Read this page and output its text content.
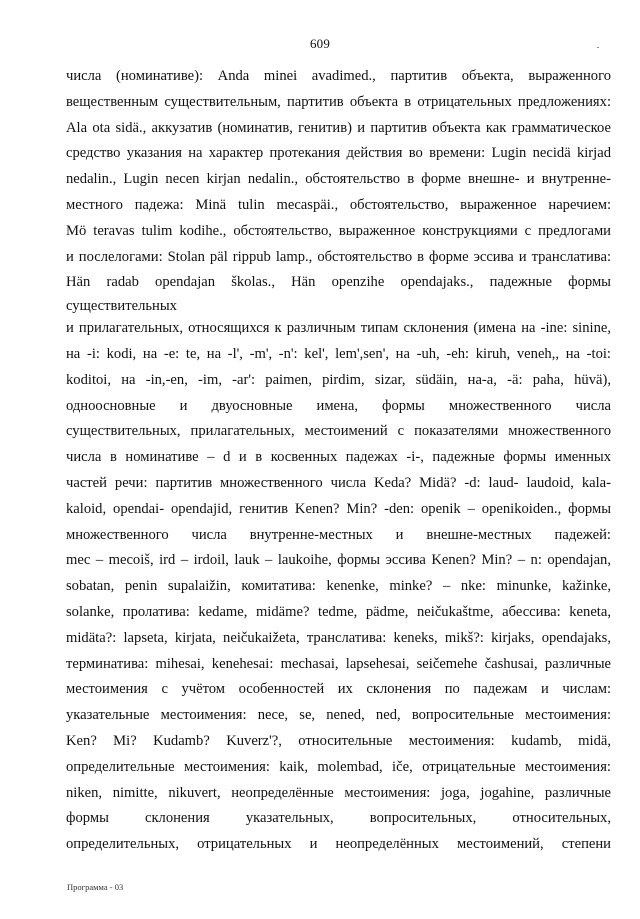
609
числа (номинативе): Anda minei avadimed., партитив объекта, выраженного
вещественным существительным, партитив объекта в отрицательных предложениях:
Ala ota sidä., аккузатив (номинатив, генитив) и партитив объекта как грамматическое
средство указания на характер протекания действия во времени: Lugin necidä kirjad
nedalin., Lugin necen kirjan nedalin., обстоятельство в форме внешне- и внутренне-
местного падежа: Minä tulin mecaspäi., обстоятельство, выраженное наречием:
Mö teravas tulim kodihe., обстоятельство, выраженное конструкциями с предлогами
и послелогами: Stolan päl rippub lamp., обстоятельство в форме эссива и транслатива:
Hän radab opendajan školas., Hän openzihe opendajaks., падежные формы
существительных
и прилагательных, относящихся к различным типам склонения (имена на -ine: sinine,
на -i: kodi, на -e: te, на -l', -m', -n': kel', lem',sen', на -uh, -eh: kiruh, veneh,, на -toi:
koditoi, на -in,-en, -im, -ar': paimen, pirdim, sizar, südäin, на-а, -ä: paha, hüvä),
одноосновные и двуосновные имена, формы множественного числа
существительных, прилагательных, местоимений с показателями множественного
числа в номинативе – d и в косвенных падежах -i-, падежные формы именных
частей речи: партитив множественного числа Keda? Midä? -d: laud- laudoid, kala-
kaloid, opendai- opendajid, генитив Kenen? Min? -den: openik – openikoiden., формы
множественного числа внутренне-местных и внешне-местных падежей:
mec – mecoiš, ird – irdoil, lauk – laukoihe, формы эссива Kenen? Min? – n: opendajan,
sobatan, penin supalaižin, комитатива: kenenke, minke? – nke: minunke, kažinke,
solanke, пролатива: kedame, midäme? tedme, pädme, neičukaštme, абессива: keneta,
midäta?: lapseta, kirjata, neičukaižeta, транслатива: keneks, mikš?: kirjaks, opendajaks,
терминатива: mihesai, kenehesai: mechasai, lapsehesai, seičemehe čashusai, различные
местоимения с учётом особенностей их склонения по падежам и числам:
указательные местоимения: nece, se, nened, ned, вопросительные местоимения:
Ken? Mi? Kudamb? Kuverz'?, относительные местоимения: kudamb, midä,
определительные местоимения: kaik, molembad, iče, отрицательные местоимения:
niken, nimitte, nikuvert, неопределённые местоимения: joga, jogahine, различные
формы склонения указательных, вопросительных, относительных,
определительных, отрицательных и неопределённых местоимений, степени
Программа - 03
